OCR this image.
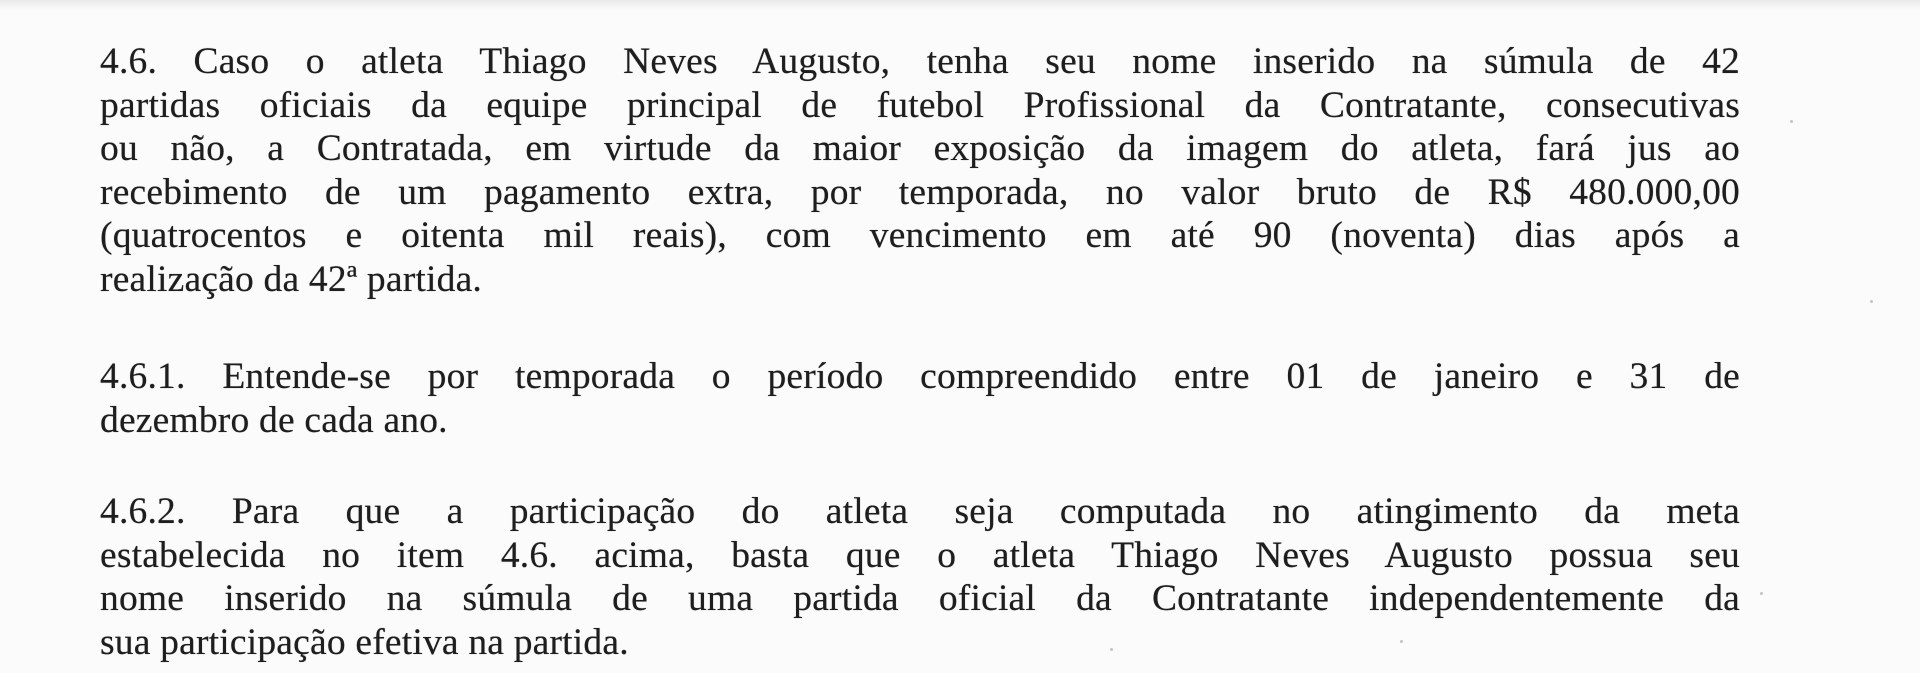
4.6. Caso o atleta Thiago Neves Augusto, tenha seu nome inserido na súmula de 42
partidas oficiais da equipe principal de futebol Profissional da Contratante, consecutivas
ou não, a Contratada, em virtude da maior exposição da imagem do atleta, fará jus ao
recebimento de um pagamento extra, por temporada, no valor bruto de R$ 480.000,00
(quatrocentos e oitenta mil reais), com vencimento em até 90 (noventa) dias após a
realização da 42ª partida.
4.6.1. Entende-se por temporada o período compreendido entre 01 de janeiro e 31 de
dezembro de cada ano.
4.6.2. Para que a participação do atleta seja computada no atingimento da meta
estabelecida no item 4.6. acima, basta que o atleta Thiago Neves Augusto possua seu
nome inserido na súmula de uma partida oficial da Contratante independentemente da
sua participação efetiva na partida.
